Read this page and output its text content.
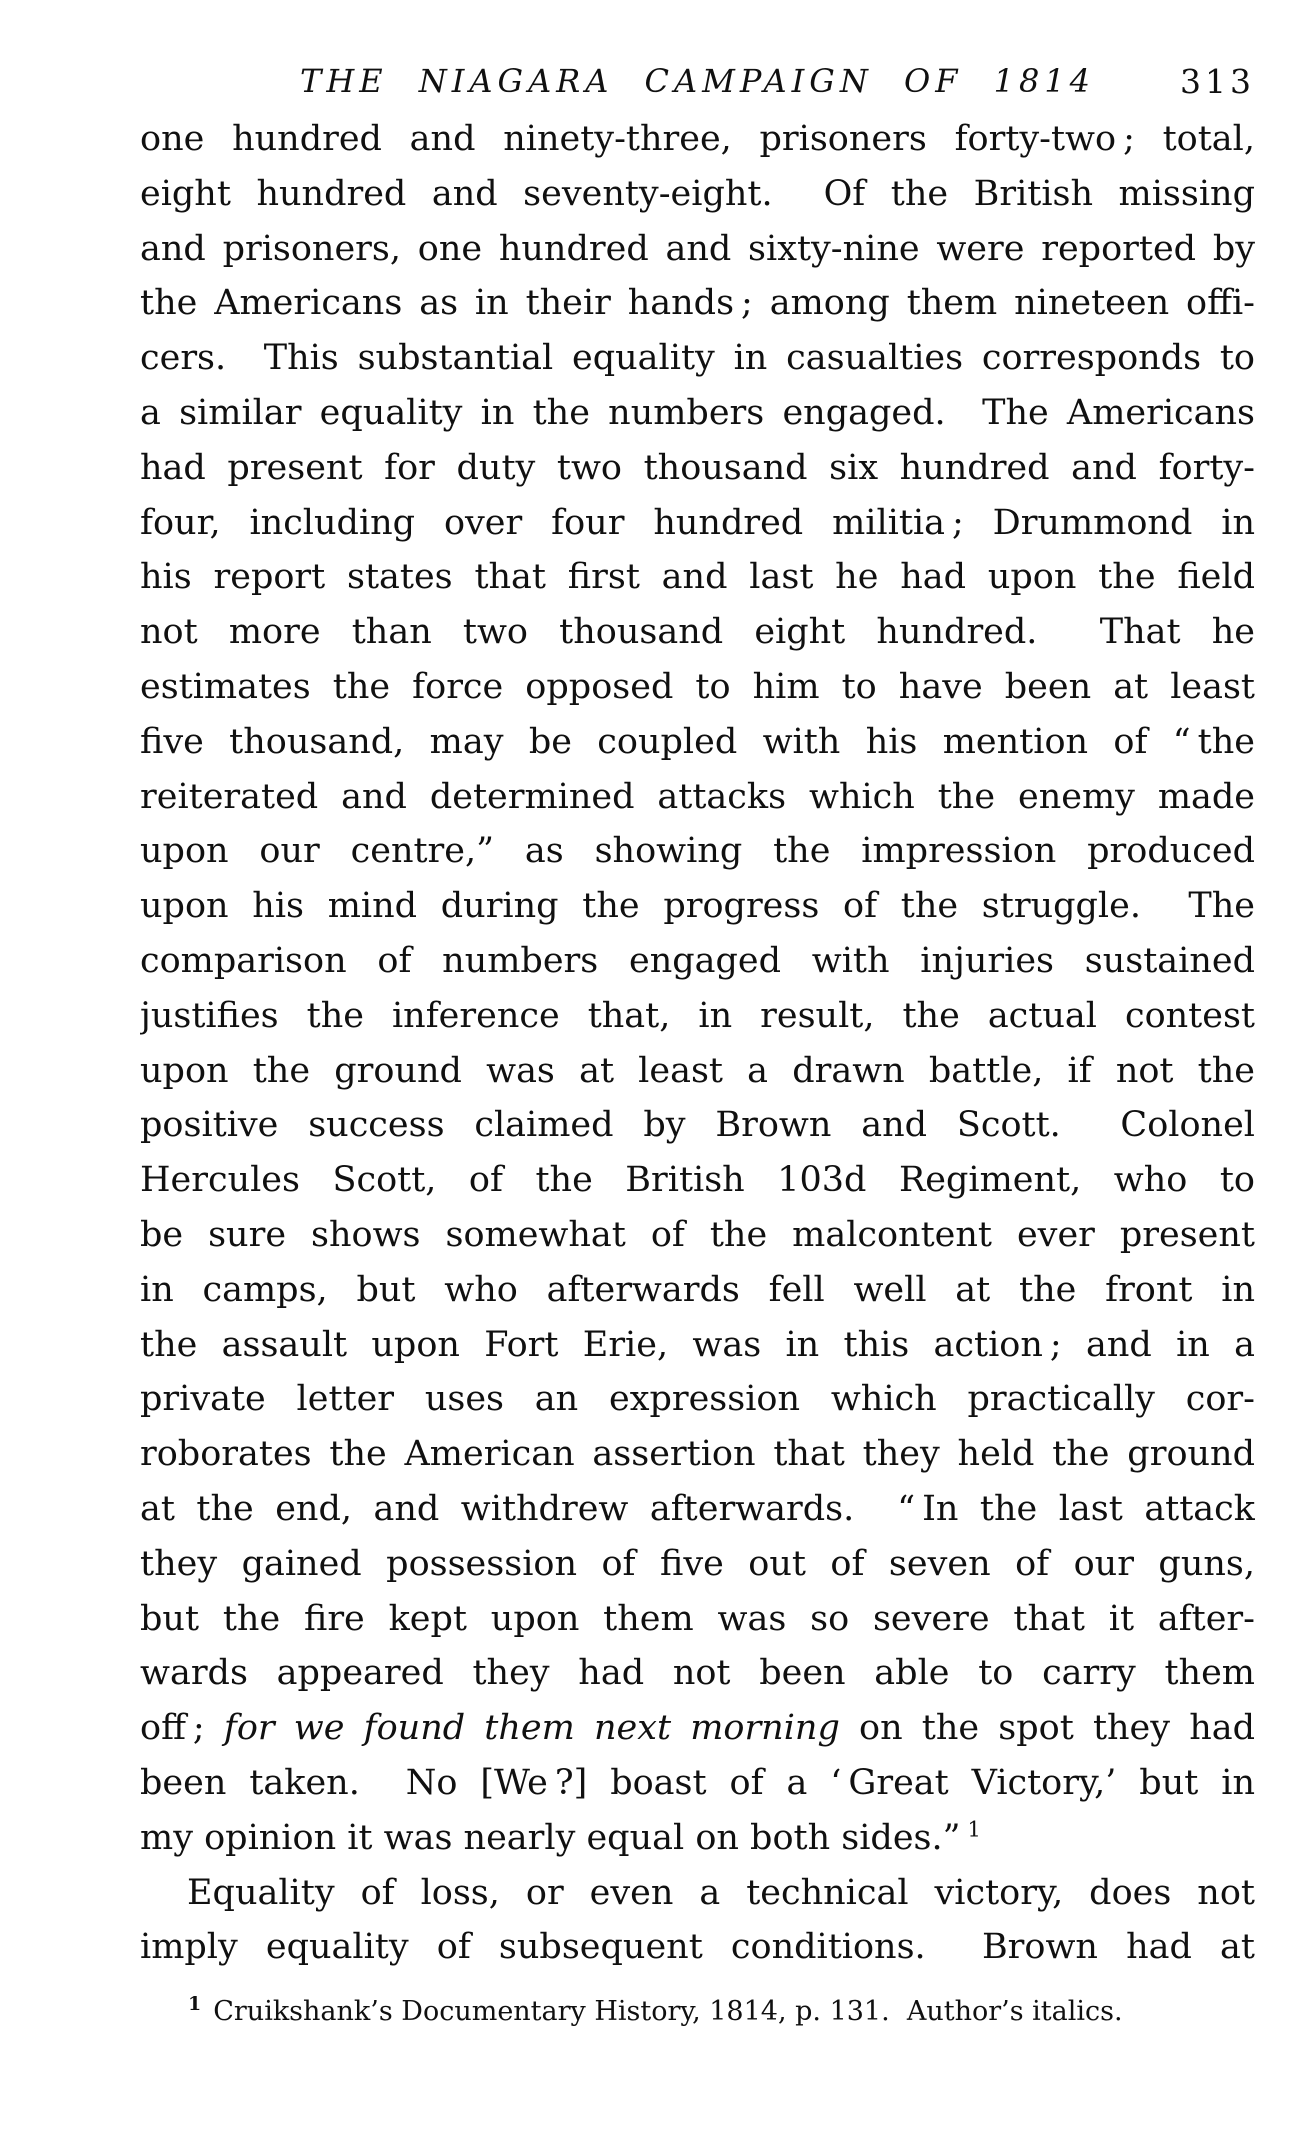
THE NIAGARA CAMPAIGN OF 1814	313
one hundred and ninety-three, prisoners forty-two ; total,
eight hundred and seventy-eight.  Of the British missing
and prisoners, one hundred and sixty-nine were reported by
the Americans as in their hands ; among them nineteen offi-
cers.  This substantial equality in casualties corresponds to
a similar equality in the numbers engaged.  The Americans
had present for duty two thousand six hundred and forty-
four, including over four hundred militia ; Drummond in
his report states that first and last he had upon the field
not more than two thousand eight hundred.  That he
estimates the force opposed to him to have been at least
five thousand, may be coupled with his mention of “ the
reiterated and determined attacks which the enemy made
upon our centre,” as showing the impression produced
upon his mind during the progress of the struggle.  The
comparison of numbers engaged with injuries sustained
justifies the inference that, in result, the actual contest
upon the ground was at least a drawn battle, if not the
positive success claimed by Brown and Scott.  Colonel
Hercules Scott, of the British 103d Regiment, who to
be sure shows somewhat of the malcontent ever present
in camps, but who afterwards fell well at the front in
the assault upon Fort Erie, was in this action ; and in a
private letter uses an expression which practically cor-
roborates the American assertion that they held the ground
at the end, and withdrew afterwards.  “ In the last attack
they gained possession of five out of seven of our guns,
but the fire kept upon them was so severe that it after-
wards appeared they had not been able to carry them
off ; for we found them next morning on the spot they had
been taken.  No [We ?] boast of a ‘ Great Victory,’ but in
my opinion it was nearly equal on both sides.” $^1$
Equality of loss, or even a technical victory, does not
imply equality of subsequent conditions.  Brown had at
$^1$ Cruikshank’s Documentary History, 1814, p. 131.  Author’s italics.
